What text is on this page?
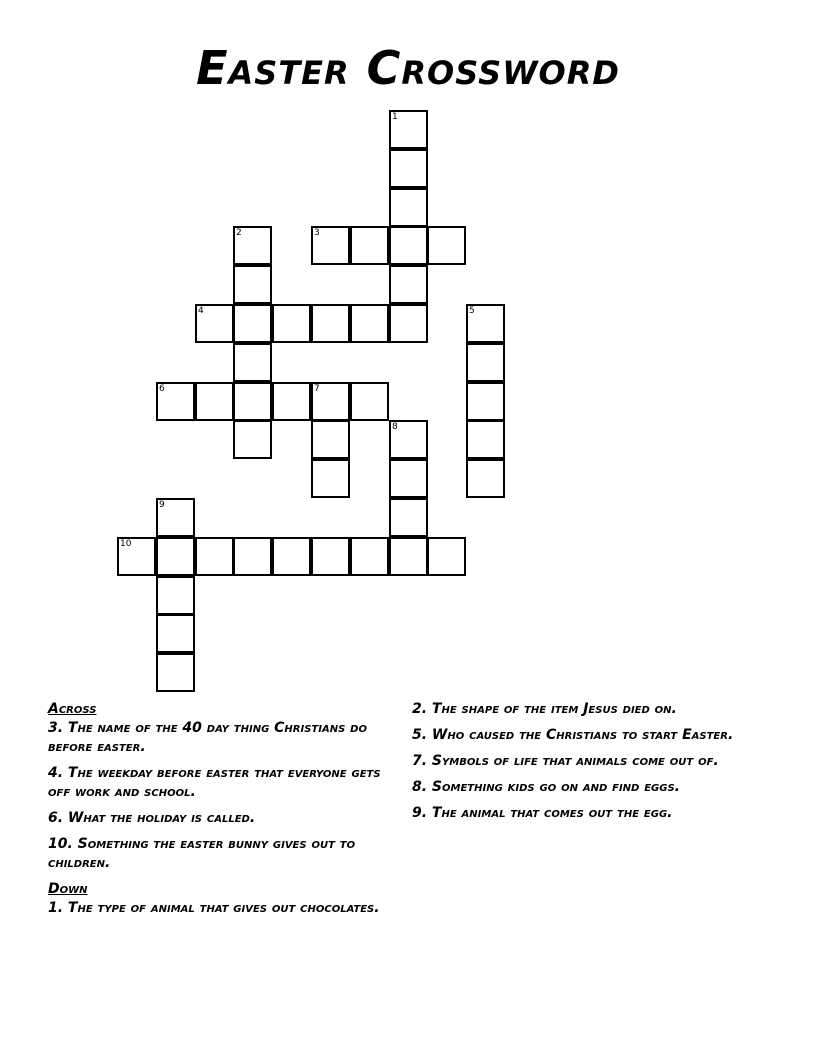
Easter Crossword
1
2	3
4	5
6	7
8
9
10
Across
3. The name of the 40 day thing Christians do before easter.
4. The weekday before easter that everyone gets off work and school.
6. What the holiday is called.
10. Something the easter bunny gives out to children.
Down
1. The type of animal that gives out chocolates.
2. The shape of the item Jesus died on.
5. Who caused the Christians to start Easter.
7. Symbols of life that animals come out of.
8. Something kids go on and find eggs.
9. The animal that comes out the egg.
